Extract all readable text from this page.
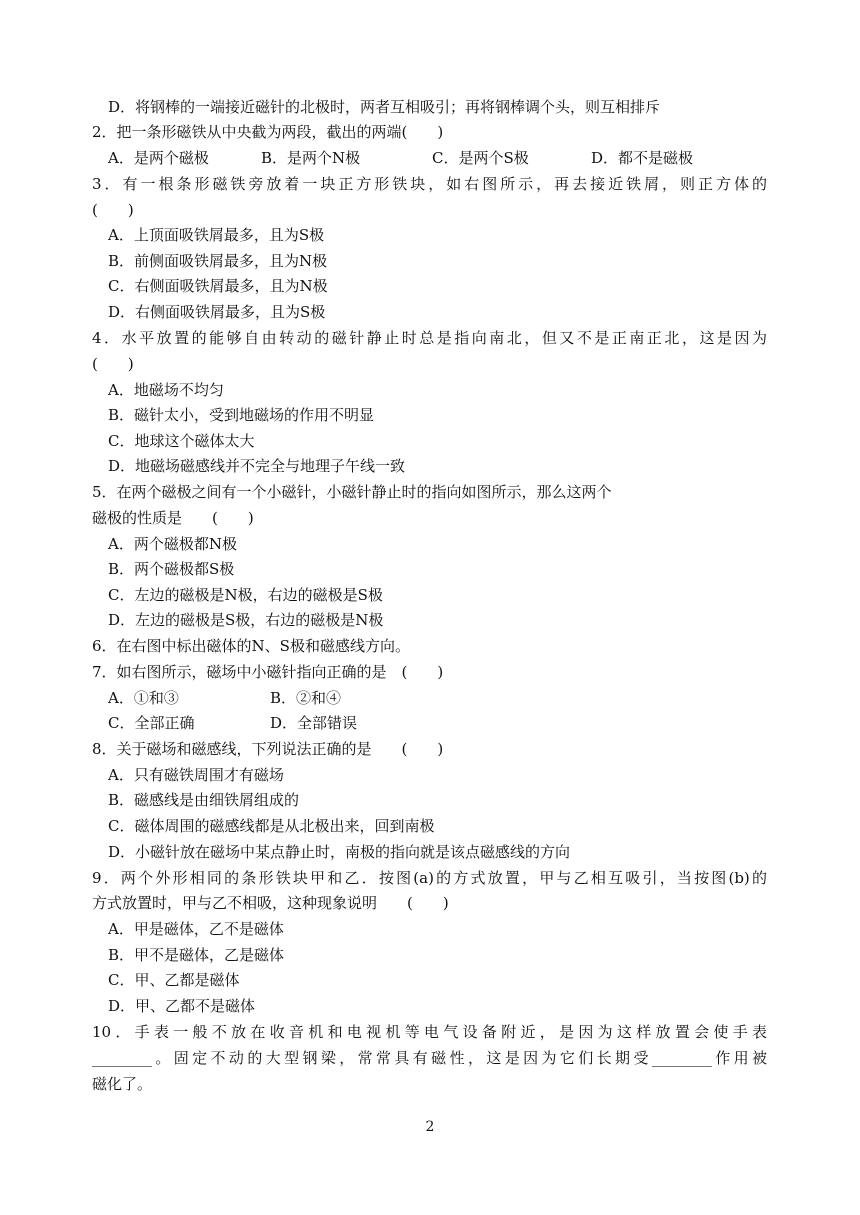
D．将钢棒的一端接近磁针的北极时，两者互相吸引；再将钢棒调个头，则互相排斥
2．把一条形磁铁从中央截为两段，截出的两端(　　)
A．是两个磁极	B．是两个N极	C．是两个S极	D．都不是磁极
3．有一根条形磁铁旁放着一块正方形铁块，如右图所示，再去接近铁屑，则正方体的
(　　)
A．上顶面吸铁屑最多，且为S极
B．前侧面吸铁屑最多，且为N极
C．右侧面吸铁屑最多，且为N极
D．右侧面吸铁屑最多，且为S极
4．水平放置的能够自由转动的磁针静止时总是指向南北，但又不是正南正北，这是因为
(　　)
A．地磁场不均匀
B．磁针太小，受到地磁场的作用不明显
C．地球这个磁体太大
D．地磁场磁感线并不完全与地理子午线一致
5．在两个磁极之间有一个小磁针，小磁针静止时的指向如图所示，那么这两个
磁极的性质是　　(　　)
A．两个磁极都N极
B．两个磁极都S极
C．左边的磁极是N极，右边的磁极是S极
D．左边的磁极是S极，右边的磁极是N极
6．在右图中标出磁体的N、S极和磁感线方向。
7．如右图所示，磁场中小磁针指向正确的是　(　　)
A．①和③	B．②和④
C．全部正确	D．全部错误
8．关于磁场和磁感线，下列说法正确的是　　(　　)
A．只有磁铁周围才有磁场
B．磁感线是由细铁屑组成的
C．磁体周围的磁感线都是从北极出来，回到南极
D．小磁针放在磁场中某点静止时，南极的指向就是该点磁感线的方向
9．两个外形相同的条形铁块甲和乙．按图(a)的方式放置，甲与乙相互吸引，当按图(b)的
方式放置时，甲与乙不相吸，这种现象说明　　(　　)
A．甲是磁体，乙不是磁体
B．甲不是磁体，乙是磁体
C．甲、乙都是磁体
D．甲、乙都不是磁体
10．手表一般不放在收音机和电视机等电气设备附近，是因为这样放置会使手表
________。固定不动的大型钢梁，常常具有磁性，这是因为它们长期受________作用被
磁化了。
2
